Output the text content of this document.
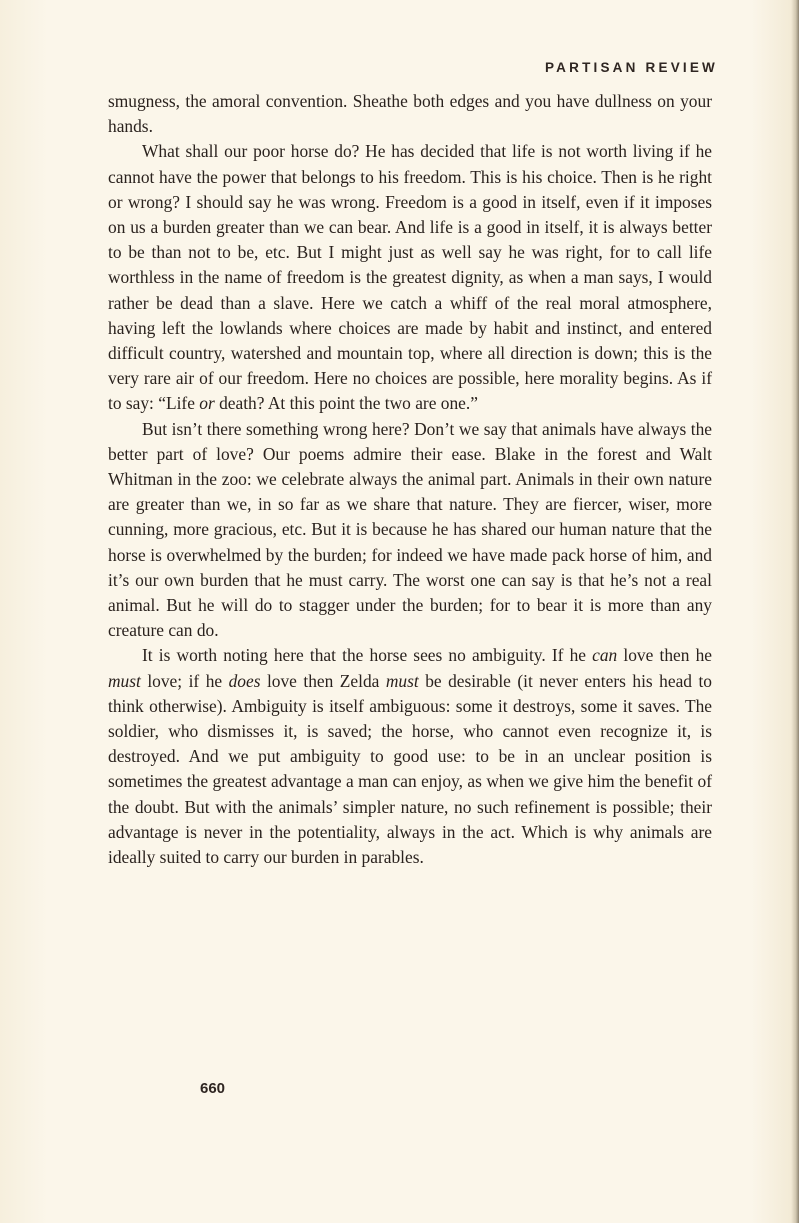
PARTISAN REVIEW

smugness, the amoral convention. Sheathe both edges and you have dullness on your hands.

What shall our poor horse do? He has decided that life is not worth living if he cannot have the power that belongs to his freedom. This is his choice. Then is he right or wrong? I should say he was wrong. Freedom is a good in itself, even if it imposes on us a burden greater than we can bear. And life is a good in itself, it is always better to be than not to be, etc. But I might just as well say he was right, for to call life worthless in the name of freedom is the greatest dignity, as when a man says, I would rather be dead than a slave. Here we catch a whiff of the real moral atmosphere, having left the lowlands where choices are made by habit and instinct, and entered difficult country, watershed and mountain top, where all direction is down; this is the very rare air of our freedom. Here no choices are possible, here morality begins. As if to say: “Life or death? At this point the two are one.”

But isn’t there something wrong here? Don’t we say that animals have always the better part of love? Our poems admire their ease. Blake in the forest and Walt Whitman in the zoo: we celebrate always the animal part. Animals in their own nature are greater than we, in so far as we share that nature. They are fiercer, wiser, more cunning, more gracious, etc. But it is because he has shared our human nature that the horse is overwhelmed by the burden; for indeed we have made pack horse of him, and it’s our own burden that he must carry. The worst one can say is that he’s not a real animal. But he will do to stagger under the burden; for to bear it is more than any creature can do.

It is worth noting here that the horse sees no ambiguity. If he can love then he must love; if he does love then Zelda must be desirable (it never enters his head to think otherwise). Ambiguity is itself ambiguous: some it destroys, some it saves. The soldier, who dismisses it, is saved; the horse, who cannot even recognize it, is destroyed. And we put ambiguity to good use: to be in an unclear position is sometimes the greatest advantage a man can enjoy, as when we give him the benefit of the doubt. But with the animals’ simpler nature, no such refinement is possible; their advantage is never in the potentiality, always in the act. Which is why animals are ideally suited to carry our burden in parables.

660
